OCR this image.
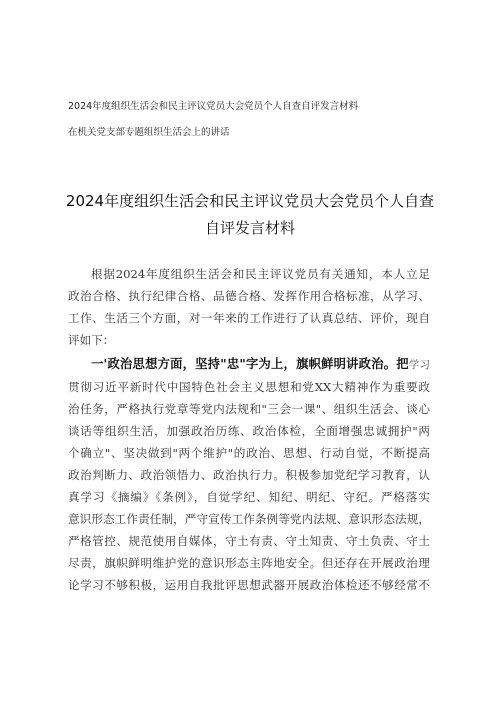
2024年度组织生活会和民主评议党员大会党员个人自查自评发言材料
在机关党支部专题组织生活会上的讲话
2024年度组织生活会和民主评议党员大会党员个人自查
自评发言材料
根据2024年度组织生活会和民主评议党员有关通知，本人立足
政治合格、执行纪律合格、品德合格、发挥作用合格标准，从学习、
工作、生活三个方面，对一年来的工作进行了认真总结、评价，现自
评如下：
一'政治思想方面，坚持"忠"字为上，旗帜鲜明讲政治。把学习
贯彻习近平新时代中国特色社会主义思想和党XX大精神作为重要政
治任务，严格执行党章等党内法规和"三会一课"、组织生活会、谈心
谈话等组织生活，加强政治历练、政治体检，全面增强忠诚拥护"两
个确立"、坚决做到"两个维护"的政治、思想、行动自觉，不断提高
政治判断力、政治领悟力、政治执行力。积极参加党纪学习教育，认
真学习《摘编》《条例》，自觉学纪、知纪、明纪、守纪。严格落实
意识形态工作责任制，严守宣传工作条例等党内法规、意识形态法规，
严格管控、规范使用自媒体，守土有责、守土知责、守土负责、守土
尽责，旗帜鲜明维护党的意识形态主阵地安全。但还存在开展政治理
论学习不够积极，运用自我批评思想武器开展政治体检还不够经常不
